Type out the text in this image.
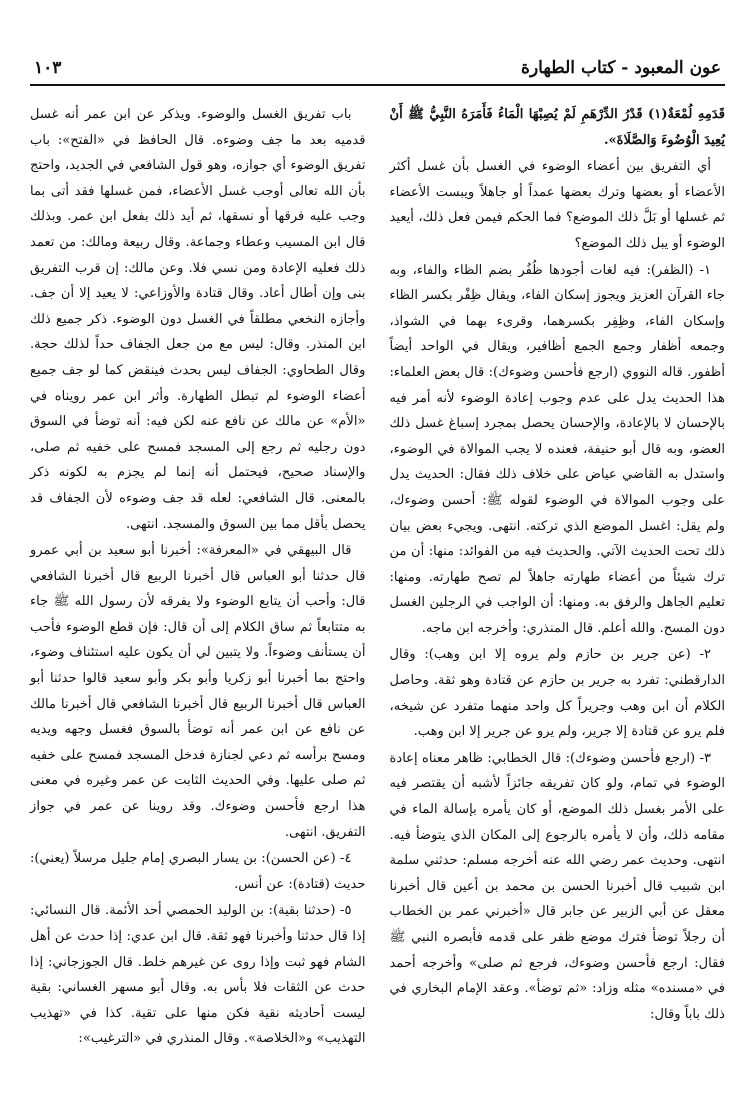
١٠٣	عون المعبود - كتاب الطهارة

قَدَمِهِ لُمْعَةٌ(١) قَدْرُ الدِّرْهَمِ لَمْ يُصِبْهَا الْمَاءُ فَأَمَرَهُ النَّبِيُّ ﷺ أَنْ يُعِيدَ الْوُضُوءَ وَالصَّلَاةَ».

أي التفريق بين أعضاء الوضوء في الغسل بأن غسل أكثر الأعضاء أو بعضها وترك بعضها عمداً أو جاهلاً ويبست الأعضاء ثم غسلها أو بَلَّ ذلك الموضع؟ فما الحكم فيمن فعل ذلك، أيعيد الوضوء أو يبل ذلك الموضع؟

١- (الظفر): فيه لغات أجودها ظُفُر بضم الظاء والفاء، وبه جاء القرآن العزيز ويجوز إسكان الفاء، ويقال ظِفْر بكسر الظاء وإسكان الفاء، وظِفِر بكسرهما، وقرىء بهما في الشواذ، وجمعه أظفار وجمع الجمع أظافير، ويقال في الواحد أيضاً أظفور. قاله النووي (ارجع فأحسن وضوءك): قال بعض العلماء: هذا الحديث يدل على عدم وجوب إعادة الوضوء لأنه أمر فيه بالإحسان لا بالإعادة، والإحسان يحصل بمجرد إسباغ غسل ذلك العضو، وبه قال أبو حنيفة، فعنده لا يجب الموالاة في الوضوء، واستدل به القاضي عياض على خلاف ذلك فقال: الحديث يدل على وجوب الموالاة في الوضوء لقوله ﷺ: أحسن وضوءك، ولم يقل: اغسل الموضع الذي تركته. انتهى. ويجيء بعض بيان ذلك تحت الحديث الآتي. والحديث فيه من الفوائد: منها: أن من ترك شيئاً من أعضاء طهارته جاهلاً لم تصح طهارته. ومنها: تعليم الجاهل والرفق به. ومنها: أن الواجب في الرجلين الغسل دون المسح. والله أعلم. قال المنذري: وأخرجه ابن ماجه.

٢- (عن جرير بن حازم ولم يروه إلا ابن وهب): وقال الدارقطني: تفرد به جرير بن حازم عن قتادة وهو ثقة. وحاصل الكلام أن ابن وهب وجريراً كل واحد منهما متفرد عن شيخه، فلم يرو عن قتادة إلا جرير، ولم يرو عن جرير إلا ابن وهب.

٣- (ارجع فأحسن وضوءك): قال الخطابي: ظاهر معناه إعادة الوضوء في تمام، ولو كان تفريقه جائزاً لأشبه أن يقتصر فيه على الأمر بغسل ذلك الموضع، أو كان يأمره بإسالة الماء في مقامه ذلك، وأن لا يأمره بالرجوع إلى المكان الذي يتوضأ فيه. انتهى. وحديث عمر رضي الله عنه أخرجه مسلم: حدثني سلمة ابن شبيب قال أخبرنا الحسن بن محمد بن أعين قال أخبرنا معقل عن أبي الزبير عن جابر قال «أخبرني عمر بن الخطاب أن رجلاً توضأ فترك موضع ظفر على قدمه فأبصره النبي ﷺ فقال: ارجع فأحسن وضوءك، فرجع ثم صلى» وأخرجه أحمد في «مسنده» مثله وزاد: «ثم توضأ». وعقد الإمام البخاري في ذلك باباً وقال:

باب تفريق الغسل والوضوء. ويذكر عن ابن عمر أنه غسل قدميه بعد ما جف وضوءه. قال الحافظ في «الفتح»: باب تفريق الوضوء أي جوازه، وهو قول الشافعي في الجديد، واحتج بأن الله تعالى أوجب غسل الأعضاء، فمن غسلها فقد أتى بما وجب عليه فرقها أو نسقها، ثم أيد ذلك بفعل ابن عمر. وبذلك قال ابن المسيب وعطاء وجماعة. وقال ربيعة ومالك: من تعمد ذلك فعليه الإعادة ومن نسي فلا. وعن مالك: إن قرب التفريق بنى وإن أطال أعاد. وقال قتادة والأوزاعي: لا يعيد إلا أن جف. وأجازه النخعي مطلقاً في الغسل دون الوضوء. ذكر جميع ذلك ابن المنذر. وقال: ليس مع من جعل الجفاف حداً لذلك حجة. وقال الطحاوي: الجفاف ليس بحدث فينقض كما لو جف جميع أعضاء الوضوء لم تبطل الطهارة. وأثر ابن عمر رويناه في «الأم» عن مالك عن نافع عنه لكن فيه: أنه توضأ في السوق دون رجليه ثم رجع إلى المسجد فمسح على خفيه ثم صلى، والإسناد صحيح، فيحتمل أنه إنما لم يجزم به لكونه ذكر بالمعنى. قال الشافعي: لعله قد جف وضوءه لأن الجفاف قد يحصل بأقل مما بين السوق والمسجد. انتهى.

قال البيهقي في «المعرفة»: أخبرنا أبو سعيد بن أبي عمرو قال حدثنا أبو العباس قال أخبرنا الربيع قال أخبرنا الشافعي قال: وأحب أن يتابع الوضوء ولا يفرقه لأن رسول الله ﷺ جاء به متتابعاً ثم ساق الكلام إلى أن قال: فإن قطع الوضوء فأحب أن يستأنف وضوءاً. ولا يتبين لي أن يكون عليه استئناف وضوء، واحتج بما أخبرنا أبو زكريا وأبو بكر وأبو سعيد قالوا حدثنا أبو العباس قال أخبرنا الربيع قال أخبرنا الشافعي قال أخبرنا مالك عن نافع عن ابن عمر أنه توضأ بالسوق فغسل وجهه ويديه ومسح برأسه ثم دعي لجنازة فدخل المسجد فمسح على خفيه ثم صلى عليها. وفي الحديث الثابت عن عمر وغيره في معنى هذا ارجع فأحسن وضوءك. وقد روينا عن عمر في جواز التفريق. انتهى.

٤- (عن الحسن): بن يسار البصري إمام جليل مرسلاً (يعني): حديث (قتادة): عن أنس.

٥- (حدثنا بقية): بن الوليد الحمصي أحد الأئمة. قال النسائي: إذا قال حدثنا وأخبرنا فهو ثقة. قال ابن عدي: إذا حدث عن أهل الشام فهو ثبت وإذا روى عن غيرهم خلط. قال الجوزجاني: إذا حدث عن الثقات فلا بأس به. وقال أبو مسهر الغساني: بقية ليست أحاديثه نقية فكن منها على تقية. كذا في «تهذيب التهذيب» و«الخلاصة». وقال المنذري في «الترغيب»:
